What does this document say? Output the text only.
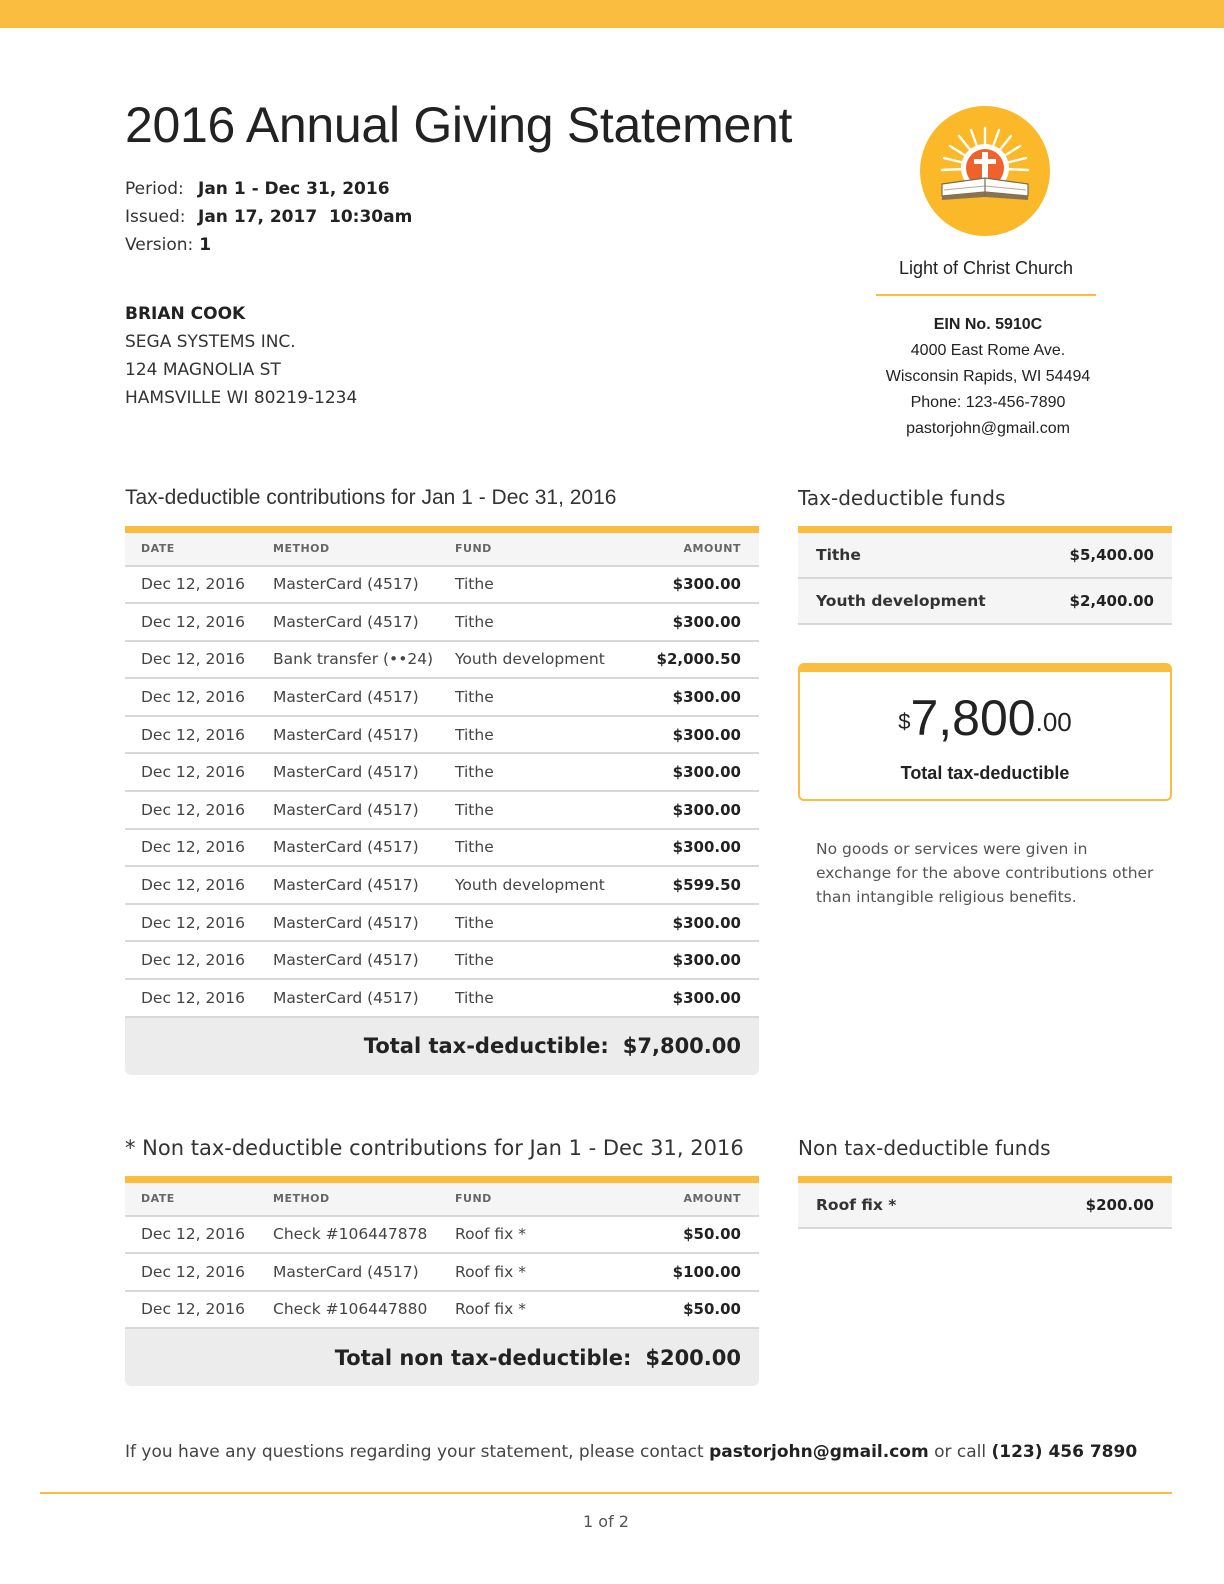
2016 Annual Giving Statement
Period: Jan 1 - Dec 31, 2016
Issued: Jan 17, 2017  10:30am
Version: 1
BRIAN COOK
SEGA SYSTEMS INC.
124 MAGNOLIA ST
HAMSVILLE WI 80219-1234
Light of Christ Church
EIN No. 5910C
4000 East Rome Ave.
Wisconsin Rapids, WI 54494
Phone: 123-456-7890
pastorjohn@gmail.com
Tax-deductible contributions for Jan 1 - Dec 31, 2016
DATE	METHOD	FUND	AMOUNT
Dec 12, 2016	MasterCard (4517)	Tithe	$300.00
Dec 12, 2016	MasterCard (4517)	Tithe	$300.00
Dec 12, 2016	Bank transfer (••24)	Youth development	$2,000.50
Dec 12, 2016	MasterCard (4517)	Tithe	$300.00
Dec 12, 2016	MasterCard (4517)	Tithe	$300.00
Dec 12, 2016	MasterCard (4517)	Tithe	$300.00
Dec 12, 2016	MasterCard (4517)	Tithe	$300.00
Dec 12, 2016	MasterCard (4517)	Tithe	$300.00
Dec 12, 2016	MasterCard (4517)	Youth development	$599.50
Dec 12, 2016	MasterCard (4517)	Tithe	$300.00
Dec 12, 2016	MasterCard (4517)	Tithe	$300.00
Dec 12, 2016	MasterCard (4517)	Tithe	$300.00
Total tax-deductible: $7,800.00			
Tax-deductible funds
Tithe	$5,400.00
Youth development	$2,400.00
$7,800.00
Total tax-deductible
No goods or services were given in exchange for the above contributions other than intangible religious benefits.
* Non tax-deductible contributions for Jan 1 - Dec 31, 2016
DATE	METHOD	FUND	AMOUNT
Dec 12, 2016	Check #106447878	Roof fix *	$50.00
Dec 12, 2016	MasterCard (4517)	Roof fix *	$100.00
Dec 12, 2016	Check #106447880	Roof fix *	$50.00
Total non tax-deductible: $200.00			
Non tax-deductible funds
Roof fix *	$200.00
If you have any questions regarding your statement, please contact pastorjohn@gmail.com or call (123) 456 7890
1 of 2
